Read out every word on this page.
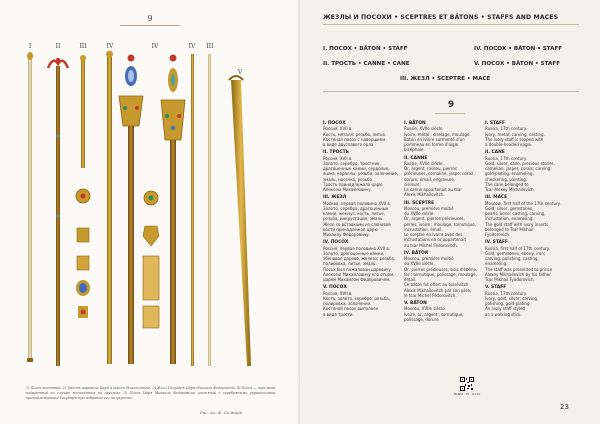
9
I	II	III	IV	IV	IV III
V
1) Посох костяной. 2) Трость царевича Царя Алексея Михайловича. 3) Жезл Государя Царя Михаила Федоровича. 4) Посох — три вида, подаренный по случаю восшествия на престол. 5) Посох Царя Михаила Федоровича, костяной с серебряными украшениями, принадлежавший Государю при избрании его на царство.
Рис. Ак. Ф. Солнцев
ЖЕЗЛЫ И ПОСОХИ • SCEPTRES ET BÂTONS • STAFFS AND MACES
I. ПОСОХ • BÂTON • STAFF	IV. ПОСОХ • BÂTON • STAFF
II. ТРОСТЬ • CANNE • CANE	V. ПОСОХ • BÂTON • STAFF
III. ЖЕЗЛ • SCEPTRE • MACE
9
I. ПОСОХ
Россия, XVII в.
Кость, металл; резьба, литье.
Костяной посох с навершием
в виде двуглавого орла.
II. ТРОСТЬ
Россия, XVII в.
Золото, серебро, тростник,
драгоценные камни, сердолик,
яшма, кораллы; резьба, золочение,
эмаль, насечка, резьба.
Трость принадлежала царю
Алексею Михайловичу.
III. ЖЕЗЛ
Москва, первая половина XVII в.
Золото, серебро, драгоценные
камни, жемчуг, кость, литье,
резьба, инкрустация, эмаль.
Жезл со вставками из слоновой
кости принадлежал царю
Михаилу Федоровичу.
IV. ПОСОХ
Россия, первая половина XVII в.
Золото, драгоценные камни,
эбеновое дерево, железо; резьба,
полировка, литье, эмаль.
Посох был пожалован царевичу
Алексею Михайловичу его отцом,
царем Михаилом Федоровичем.
V. ПОСОХ
Россия, XVII в.
Кость, золото, серебро; резьба,
полировка, золочение.
Костяной посох выполнен
в виде трости.
I. BÂTON
Russie, XVIIe siècle.
Ivoire, métal ; ciselage, moulage.
Bâton en ivoire surmonté d'un
pommeau en forme d'aigle
bicéphale.
II. CANNE
Russie, XVIIe siècle.
Or, argent, roseau, pierres
précieuses, cornaline, jaspe, corail ;
dorure, émail, engravure,
ciselure.
La canne appartenait au tsar
Alexis Mikhaïlovitch.
III. SCEPTRE
Moscou, première moitié
du XVIIe siècle.
Or, argent, pierres précieuses,
perles, ivoire ; moulage, tornutique,
incrustation, émail.
Le sceptre en ivoire avec des
incrustations en or appartenait
au tsar Michel Fédorovitch.
IV. BÂTON
Moscou, première moitié
du XVIIe siècle.
Or, pierres précieuses, bois d'ébène,
fer ; tornutique, polissage, moulage,
émail.
Ce bâton fut offert au tsarévitch
Alexis Mikhaïlovitch par son père,
le tsar Michel Fédorovitch.
V. BÂTON
Moscou, XVIIe siècle.
Ivoire, or, argent ; tornutique,
polissage, dorure.
I. STAFF
Russia, 17th century.
Ivory, metal; carving, casting.
The ivory staff is topped with
a double-headed eagle.
II. CANE
Russia, 17th century.
Gold, silver, cane, precious stones,
carnelian, jasper, corals; carving,
gold-plating, enameling,
checkering, painting.
The cane belonged to
Tsar Alexey Mikhailovich.
III. MACE
Moscow, first half of the 17th century.
Gold, silver, gemstones,
pearls, bone; casting, carving,
incrustation, enameling.
The gold staff with ivory inserts
belonged to Tsar Mikhail
Fyodorovich.
IV. STAFF
Russia, first half of 17th century.
Gold, gemstones, ebony, iron;
carving, polishing, casting,
enameling.
The staff was presented to prince
Alexey Mikhailovich by his father
Tsar Mikhail Fyodorovich.
V. STAFF
Russia, 17th century.
Ivory, gold, silver; carving,
polishing, gold-plating.
An ivory staff styled
as a walking stick.
ВИДЕО · 3D · AUDIO
23
